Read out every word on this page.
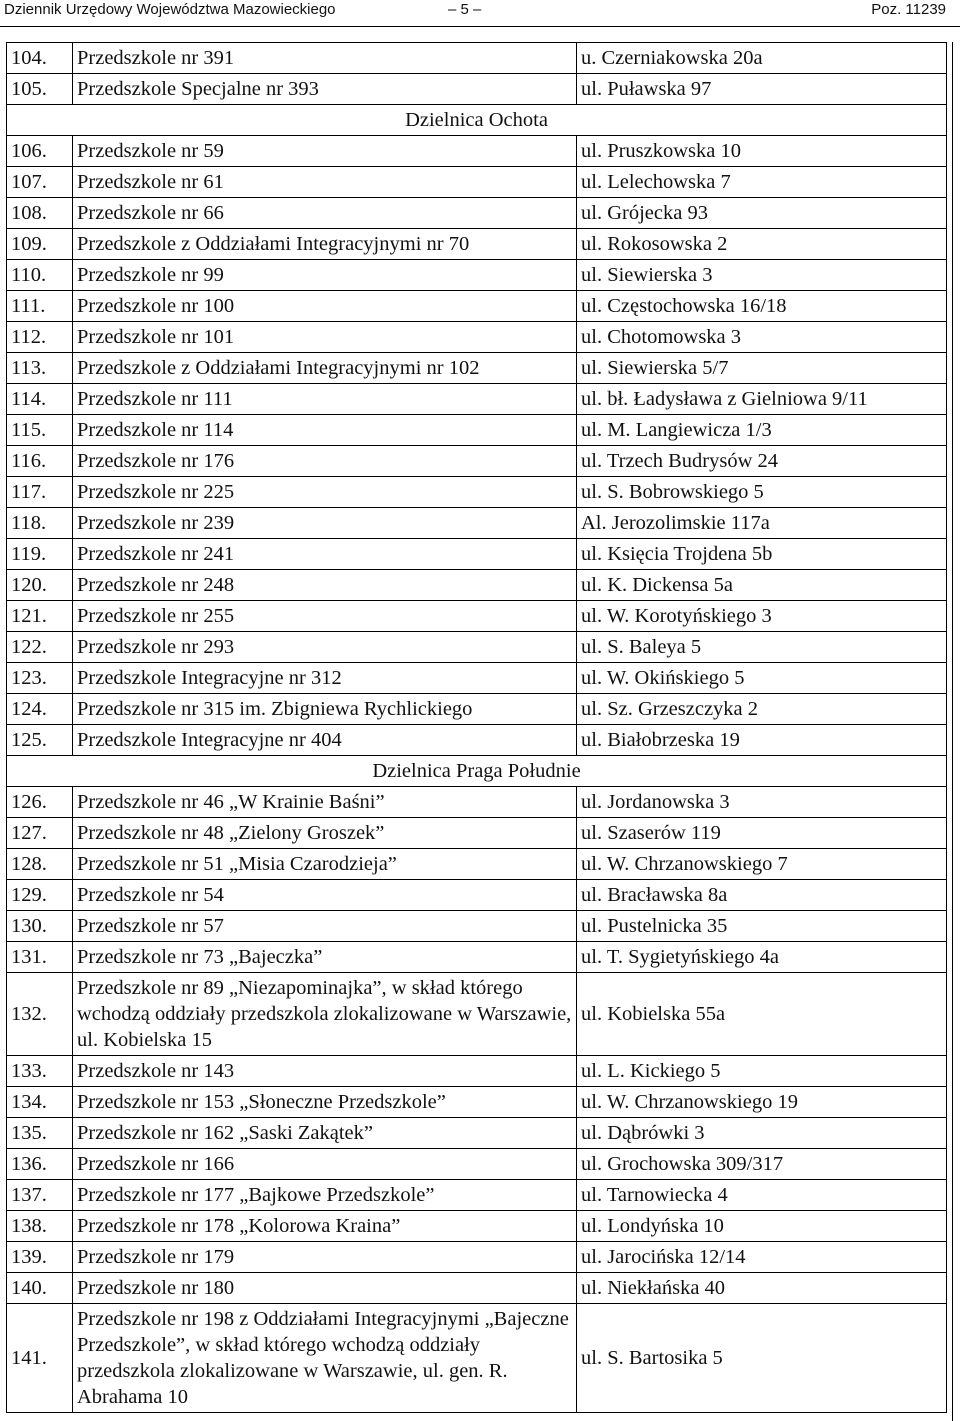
Dziennik Urzędowy Województwa Mazowieckiego	– 5 –	Poz. 11239
104.	Przedszkole nr 391	u. Czerniakowska 20a
105.	Przedszkole Specjalne nr 393	ul. Puławska 97
Dzielnica Ochota		
106.	Przedszkole nr 59	ul. Pruszkowska 10
107.	Przedszkole nr 61	ul. Lelechowska 7
108.	Przedszkole nr 66	ul. Grójecka 93
109.	Przedszkole z Oddziałami Integracyjnymi nr 70	ul. Rokosowska 2
110.	Przedszkole nr 99	ul. Siewierska 3
111.	Przedszkole nr 100	ul. Częstochowska 16/18
112.	Przedszkole nr 101	ul. Chotomowska 3
113.	Przedszkole z Oddziałami Integracyjnymi nr 102	ul. Siewierska 5/7
114.	Przedszkole nr 111	ul. bł. Ładysława z Gielniowa 9/11
115.	Przedszkole nr 114	ul. M. Langiewicza 1/3
116.	Przedszkole nr 176	ul. Trzech Budrysów 24
117.	Przedszkole nr 225	ul. S. Bobrowskiego 5
118.	Przedszkole nr 239	Al. Jerozolimskie 117a
119.	Przedszkole nr 241	ul. Księcia Trojdena 5b
120.	Przedszkole nr 248	ul. K. Dickensa 5a
121.	Przedszkole nr 255	ul. W. Korotyńskiego 3
122.	Przedszkole nr 293	ul. S. Baleya 5
123.	Przedszkole Integracyjne nr 312	ul. W. Okińskiego 5
124.	Przedszkole nr 315 im. Zbigniewa Rychlickiego	ul. Sz. Grzeszczyka 2
125.	Przedszkole Integracyjne nr 404	ul. Białobrzeska 19
Dzielnica Praga Południe		
126.	Przedszkole nr 46 „W Krainie Baśni”	ul. Jordanowska 3
127.	Przedszkole nr 48 „Zielony Groszek”	ul. Szaserów 119
128.	Przedszkole nr 51 „Misia Czarodzieja”	ul. W. Chrzanowskiego 7
129.	Przedszkole nr 54	ul. Bracławska 8a
130.	Przedszkole nr 57	ul. Pustelnicka 35
131.	Przedszkole nr 73 „Bajeczka”	ul. T. Sygietyńskiego 4a
132.	Przedszkole nr 89 „Niezapominajka”, w skład którego wchodzą oddziały przedszkola zlokalizowane w Warszawie, ul. Kobielska 15	ul. Kobielska 55a
133.	Przedszkole nr 143	ul. L. Kickiego 5
134.	Przedszkole nr 153 „Słoneczne Przedszkole”	ul. W. Chrzanowskiego 19
135.	Przedszkole nr 162 „Saski Zakątek”	ul. Dąbrówki 3
136.	Przedszkole nr 166	ul. Grochowska 309/317
137.	Przedszkole nr 177 „Bajkowe Przedszkole”	ul. Tarnowiecka 4
138.	Przedszkole nr 178 „Kolorowa Kraina”	ul. Londyńska 10
139.	Przedszkole nr 179	ul. Jarocińska 12/14
140.	Przedszkole nr 180	ul. Niekłańska 40
141.	Przedszkole nr 198 z Oddziałami Integracyjnymi „Bajeczne Przedszkole”, w skład którego wchodzą oddziały przedszkola zlokalizowane w Warszawie, ul. gen. R. Abrahama 10	ul. S. Bartosika 5
